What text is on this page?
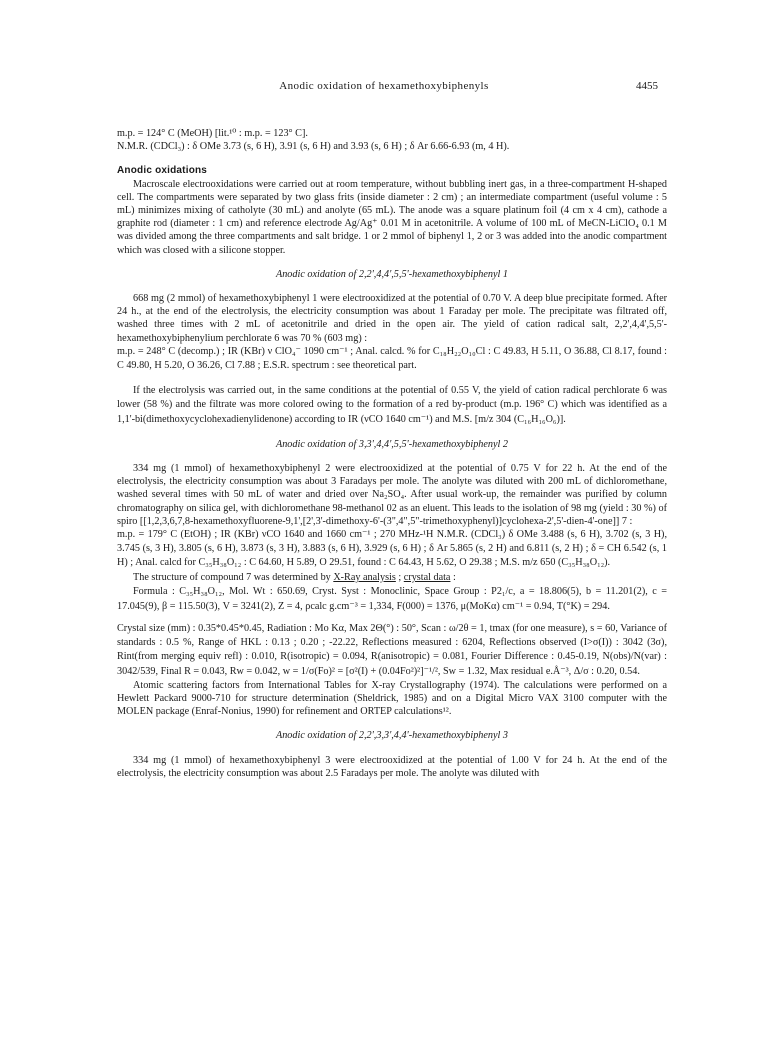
Anodic oxidation of hexamethoxybiphenyls	4455

m.p. = 124° C (MeOH) [lit.¹⁰ : m.p. = 123° C].

N.M.R. (CDCl₃) : δ OMe 3.73 (s, 6 H), 3.91 (s, 6 H) and 3.93 (s, 6 H) ; δ Ar 6.66-6.93 (m, 4 H).

Anodic oxidations

Macroscale electrooxidations were carried out at room temperature, without bubbling inert gas, in a three-compartment H-shaped cell. The compartments were separated by two glass frits (inside diameter : 2 cm) ; an intermediate compartment (useful volume : 5 mL) minimizes mixing of catholyte (30 mL) and anolyte (65 mL). The anode was a square platinum foil (4 cm x 4 cm), cathode a graphite rod (diameter : 1 cm) and reference electrode Ag/Ag⁺ 0.01 M in acetonitrile. A volume of 100 mL of MeCN-LiClO₄ 0.1 M was divided among the three compartments and salt bridge. 1 or 2 mmol of biphenyl 1, 2 or 3 was added into the anodic compartment which was closed with a silicone stopper.

Anodic oxidation of 2,2',4,4',5,5'-hexamethoxybiphenyl 1

668 mg (2 mmol) of hexamethoxybiphenyl 1 were electrooxidized at the potential of 0.70 V. A deep blue precipitate formed. After 24 h., at the end of the electrolysis, the electricity consumption was about 1 Faraday per mole. The precipitate was filtrated off, washed three times with 2 mL of acetonitrile and dried in the open air. The yield of cation radical salt, 2,2',4,4',5,5'-hexamethoxybiphenylium perchlorate 6 was 70 % (603 mg) :

m.p. = 248° C (decomp.) ; IR (KBr) ν ClO₄⁻ 1090 cm⁻¹ ; Anal. calcd. % for C₁₈H₂₂O₁₀Cl : C 49.83, H 5.11, O 36.88, Cl 8.17, found : C 49.80, H 5.20, O 36.26, Cl 7.88 ; E.S.R. spectrum : see theoretical part.

If the electrolysis was carried out, in the same conditions at the potential of 0.55 V, the yield of cation radical perchlorate 6 was lower (58 %) and the filtrate was more colored owing to the formation of a red by-product (m.p. 196° C) which was identified as a 1,1'-bi(dimethoxycyclohexadienylidenone) according to IR (νCO 1640 cm⁻¹) and M.S. [m/z 304 (C₁₆H₁₆O₆)].

Anodic oxidation of 3,3',4,4',5,5'-hexamethoxybiphenyl 2

334 mg (1 mmol) of hexamethoxybiphenyl 2 were electrooxidized at the potential of 0.75 V for 22 h. At the end of the electrolysis, the electricity consumption was about 3 Faradays per mole. The anolyte was diluted with 200 mL of dichloromethane, washed several times with 50 mL of water and dried over Na₂SO₄. After usual work-up, the remainder was purified by column chromatography on silica gel, with dichloromethane 98-methanol 02 as an eluent. This leads to the isolation of 98 mg (yield : 30 %) of spiro [[1,2,3,6,7,8-hexamethoxyfluorene-9,1',[2',3'-dimethoxy-6'-(3",4",5"-trimethoxyphenyl)]cyclohexa-2',5'-dien-4'-one]] 7 :

m.p. = 179° C (EtOH) ; IR (KBr) νCO 1640 and 1660 cm⁻¹ ; 270 MHz-¹H N.M.R. (CDCl₃) δ OMe 3.488 (s, 6 H), 3.702 (s, 3 H), 3.745 (s, 3 H), 3.805 (s, 6 H), 3.873 (s, 3 H), 3.883 (s, 6 H), 3.929 (s, 6 H) ; δ Ar 5.865 (s, 2 H) and 6.811 (s, 2 H) ; δ = CH 6.542 (s, 1 H) ; Anal. calcd for C₃₅H₃₈O₁₂ : C 64.60, H 5.89, O 29.51, found : C 64.43, H 5.62, O 29.38 ; M.S. m/z 650 (C₃₅H₃₈O₁₂).

The structure of compound 7 was determined by X-Ray analysis ; crystal data :

Formula : C₃₅H₃₈O₁₂, Mol. Wt : 650.69, Cryst. Syst : Monoclinic, Space Group : P2₁/c, a = 18.806(5), b = 11.201(2), c = 17.045(9), β = 115.50(3), V = 3241(2), Z = 4, ρcalc g.cm⁻³ = 1,334, F(000) = 1376, μ(MoKα) cm⁻¹ = 0.94, T(°K) = 294.

Crystal size (mm) : 0.35*0.45*0.45, Radiation : Mo Kα, Max 2Θ(°) : 50°, Scan : ω/2θ = 1, tmax (for one measure), s = 60, Variance of standards : 0.5 %, Range of HKL : 0.13 ; 0.20 ; -22.22, Reflections measured : 6204, Reflections observed (I>σ(I)) : 3042 (3σ), Rint(from merging equiv refl) : 0.010, R(isotropic) = 0.094, R(anisotropic) = 0.081, Fourier Difference : 0.45-0.19, N(obs)/N(var) : 3042/539, Final R = 0.043, Rw = 0.042, w = 1/σ(Fo)² = [σ²(I) + (0.04Fo²)²]⁻¹/², Sw = 1.32, Max residual e.Å⁻³, Δ/σ : 0.20, 0.54.

Atomic scattering factors from International Tables for X-ray Crystallography (1974). The calculations were performed on a Hewlett Packard 9000-710 for structure determination (Sheldrick, 1985) and on a Digital Micro VAX 3100 computer with the MOLEN package (Enraf-Nonius, 1990) for refinement and ORTEP calculations¹².

Anodic oxidation of 2,2',3,3',4,4'-hexamethoxybiphenyl 3

334 mg (1 mmol) of hexamethoxybiphenyl 3 were electrooxidized at the potential of 1.00 V for 24 h. At the end of the electrolysis, the electricity consumption was about 2.5 Faradays per mole. The anolyte was diluted with
